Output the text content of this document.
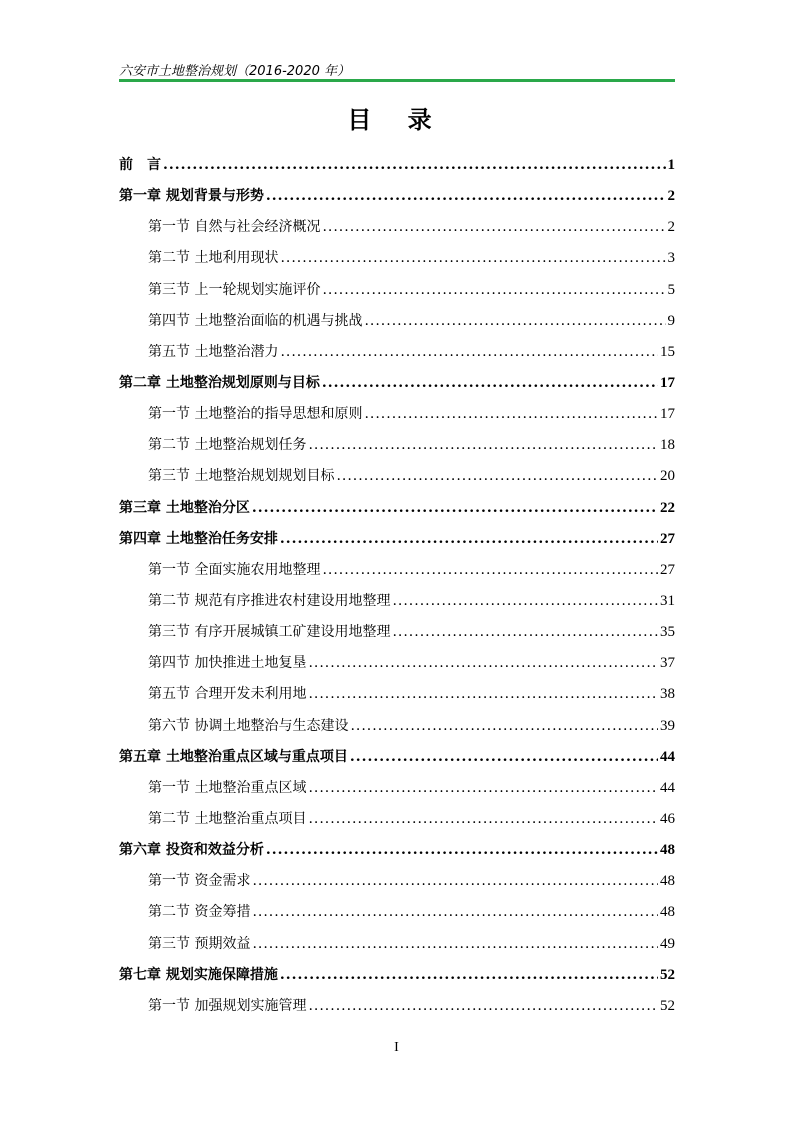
六安市土地整治规划（2016-2020 年）
目 录
前　言 .....	1
第一章 规划背景与形势 .....	2
第一节 自然与社会经济概况 .....	2
第二节 土地利用现状 .....	3
第三节 上一轮规划实施评价 .....	5
第四节 土地整治面临的机遇与挑战 .....	9
第五节 土地整治潜力 .....	15
第二章 土地整治规划原则与目标 .....	17
第一节 土地整治的指导思想和原则 .....	17
第二节 土地整治规划任务 .....	18
第三节 土地整治规划规划目标 .....	20
第三章 土地整治分区 .....	22
第四章 土地整治任务安排 .....	27
第一节 全面实施农用地整理 .....	27
第二节 规范有序推进农村建设用地整理 .....	31
第三节 有序开展城镇工矿建设用地整理 .....	35
第四节 加快推进土地复垦 .....	37
第五节 合理开发未利用地 .....	38
第六节 协调土地整治与生态建设 .....	39
第五章 土地整治重点区域与重点项目 .....	44
第一节 土地整治重点区域 .....	44
第二节 土地整治重点项目 .....	46
第六章 投资和效益分析 .....	48
第一节 资金需求 .....	48
第二节 资金筹措 .....	48
第三节 预期效益 .....	49
第七章 规划实施保障措施 .....	52
第一节 加强规划实施管理 .....	52
I
